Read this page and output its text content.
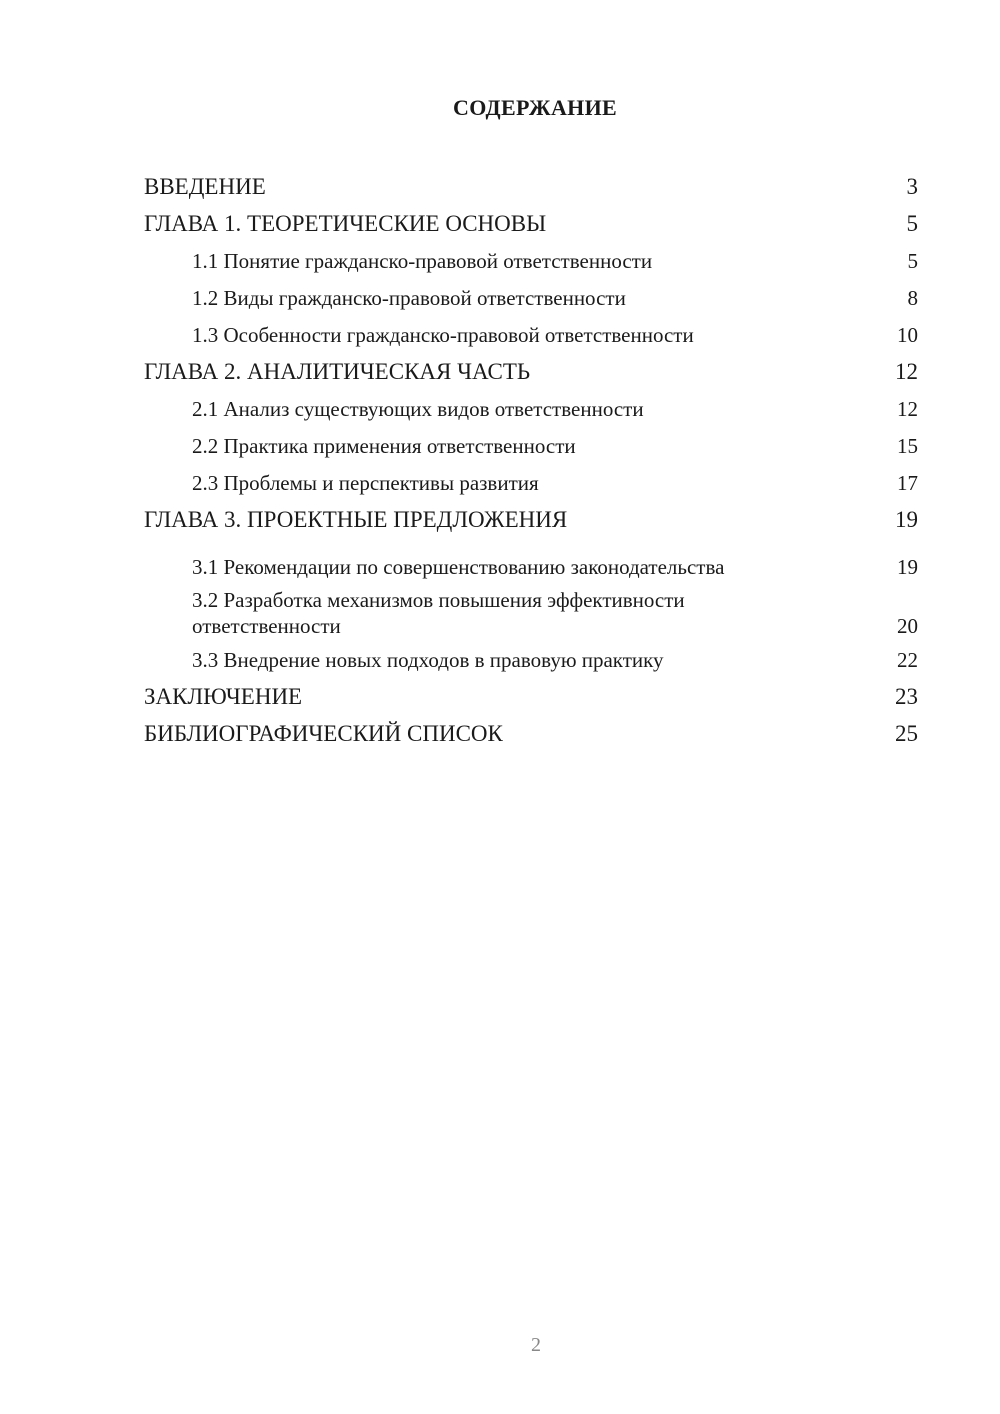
СОДЕРЖАНИЕ
ВВЕДЕНИЕ	3
ГЛАВА 1. ТЕОРЕТИЧЕСКИЕ ОСНОВЫ	5
1.1 Понятие гражданско-правовой ответственности	5
1.2 Виды гражданско-правовой ответственности	8
1.3 Особенности гражданско-правовой ответственности	10
ГЛАВА 2. АНАЛИТИЧЕСКАЯ ЧАСТЬ	12
2.1 Анализ существующих видов ответственности	12
2.2 Практика применения ответственности	15
2.3 Проблемы и перспективы развития	17
ГЛАВА 3. ПРОЕКТНЫЕ ПРЕДЛОЖЕНИЯ	19
3.1 Рекомендации по совершенствованию законодательства	19
3.2 Разработка механизмов повышения эффективности ответственности	20
3.3 Внедрение новых подходов в правовую практику	22
ЗАКЛЮЧЕНИЕ	23
БИБЛИОГРАФИЧЕСКИЙ СПИСОК	25
2
